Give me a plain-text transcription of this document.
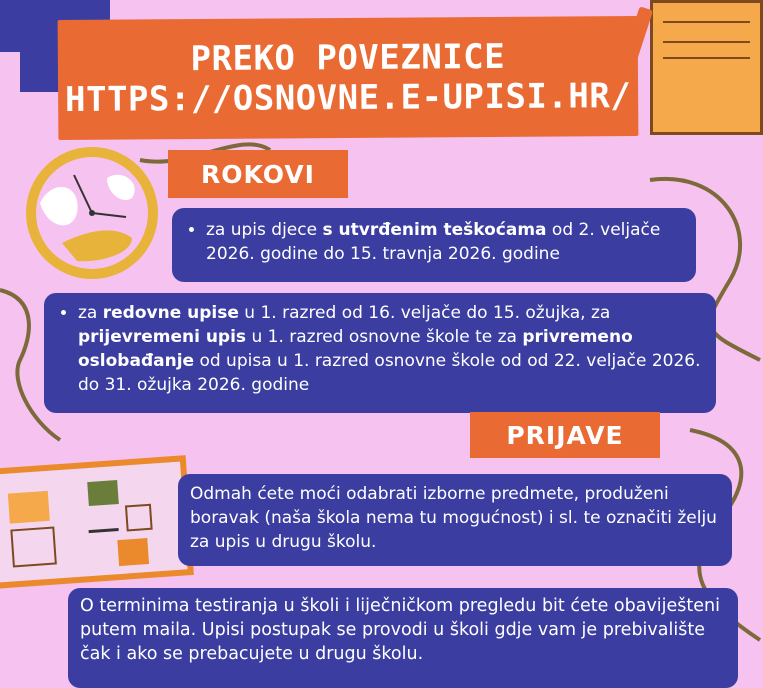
PREKO POVEZNICE
HTTPS://OSNOVNE.E-UPISI.HR/
ROKOVI
• za upis djece s utvrđenim teškoćama od 2. veljače 2026. godine do 15. travnja 2026. godine
• za redovne upise u 1. razred od 16. veljače do 15. ožujka, za prijevremeni upis u 1. razred osnovne škole te za privremeno oslobađanje od upisa u 1. razred osnovne škole od od 22. veljače 2026. do 31. ožujka 2026. godine
PRIJAVE
Odmah ćete moći odabrati izborne predmete, produženi boravak (naša škola nema tu mogućnost) i sl. te označiti želju za upis u drugu školu.
O terminima testiranja u školi i liječničkom pregledu bit ćete obaviješteni putem maila. Upisi postupak se provodi u školi gdje vam je prebivalište čak i ako se prebacujete u drugu školu.
